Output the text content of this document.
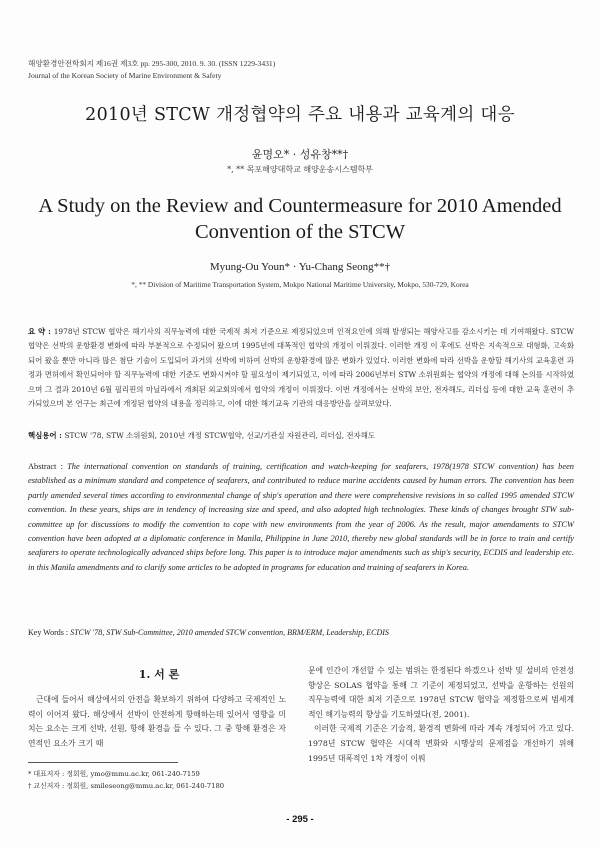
해양환경안전학회지 제16권 제3호 pp. 295-300, 2010. 9. 30. (ISSN 1229-3431)
Journal of the Korean Society of Marine Environment & Safety
2010년 STCW 개정협약의 주요 내용과 교육계의 대응
윤명오* · 성유창**†
*, ** 목포해양대학교 해양운송시스템학부
A Study on the Review and Countermeasure for 2010 Amended Convention of the STCW
Myung-Ou Youn* · Yu-Chang Seong**†
*, ** Division of Maritime Transportation System, Mokpo National Maritime University, Mokpo, 530-729, Korea
요 약 : 1978년 STCW 협약은 해기사의 직무능력에 대한 국제적 최저 기준으로 제정되었으며 인적요인에 의해 발생되는 해양사고를 감소시키는 데 기여해왔다. STCW 협약은 선박의 운항환경 변화에 따라 부분적으로 수정되어 왔으며 1995년에 대폭적인 협약의 개정이 이뤄졌다. 이러한 개정 이 후에도 선박은 지속적으로 대형화, 고속화되어 왔을 뿐만 아니라 많은 첨단 기술이 도입되어 과거의 선박에 비하여 선박의 운항환경에 많은 변화가 있었다. 이러한 변화에 따라 선박을 운항할 해기사의 교육훈련 과정과 면허에서 확인되어야 할 직무능력에 대한 기준도 변화시켜야 할 필요성이 제기되었고, 이에 따라 2006년부터 STW 소위원회는 협약의 개정에 대해 논의를 시작하였으며 그 결과 2010년 6월 필리핀의 마닐라에서 개최된 외교회의에서 협약의 개정이 이뤄졌다. 이번 개정에서는 선박의 보안, 전자해도, 리더십 등에 대한 교육 훈련이 추가되었으며 본 연구는 최근에 개정된 협약의 내용을 정리하고, 이에 대한 해기교육 기관의 대응방안을 살펴보았다.
핵심용어 : STCW '78, STW 소위원회, 2010년 개정 STCW협약, 선교/기관실 자원관리, 리더십, 전자해도
Abstract : The international convention on standards of training, certification and watch-keeping for seafarers, 1978(1978 STCW convention) has been established as a minimum standard and competence of seafarers, and contributed to reduce marine accidents caused by human errors. The convention has been partly amended several times according to environmental change of ship's operation and there were comprehensive revisions in so called 1995 amended STCW convention. In these years, ships are in tendency of increasing size and speed, and also adopted high technologies. These kinds of changes brought STW sub-committee up for discussions to modify the convention to cope with new environments from the year of 2006. As the result, major amendaments to STCW convention have been adopted at a diplomatic conference in Manila, Philippine in June 2010, thereby new global standards will be in force to train and certify seafarers to operate technologically advanced ships before long. This paper is to introduce major amendments such as ship's security, ECDIS and leadership etc. in this Manila amendments and to clarify some articles to be adopted in programs for education and training of seafarers in Korea.
Key Words : STCW '78, STW Sub-Committee, 2010 amended STCW convention, BRM/ERM, Leadership, ECDIS
1. 서 론

근대에 들어서 해상에서의 안전을 확보하기 위하여 다양하고 국제적인 노력이 이어져 왔다. 해상에서 선박이 안전하게 항해하는데 있어서 영향을 미치는 요소는 크게 선박, 선원, 항해 환경을 들 수 있다. 그 중 항해 환경은 자연적인 요소가 크기 때

* 대표저자 : 정회원, ymo@mmu.ac.kr, 061-240-7159
† 교신저자 : 정회원, smileseong@mmu.ac.kr, 061-240-7180

문에 인간이 개선할 수 있는 범위는 한정된다 하겠으나 선박 및 설비의 안전성 향상은 SOLAS 협약을 통해 그 기준이 제정되었고, 선박을 운항하는 선원의 직무능력에 대한 최저 기준으로 1978년 STCW 협약을 제정함으로써 범세계적인 해기능력의 향상을 기도하였다(전, 2001).

이러한 국제적 기준은 기술적, 환경적 변화에 따라 계속 개정되어 가고 있다. 1978년 STCW 협약은 시대적 변화와 시행상의 문제점을 개선하기 위해 1995년 대폭적인 1차 개정이 이뤄

- 295 -
